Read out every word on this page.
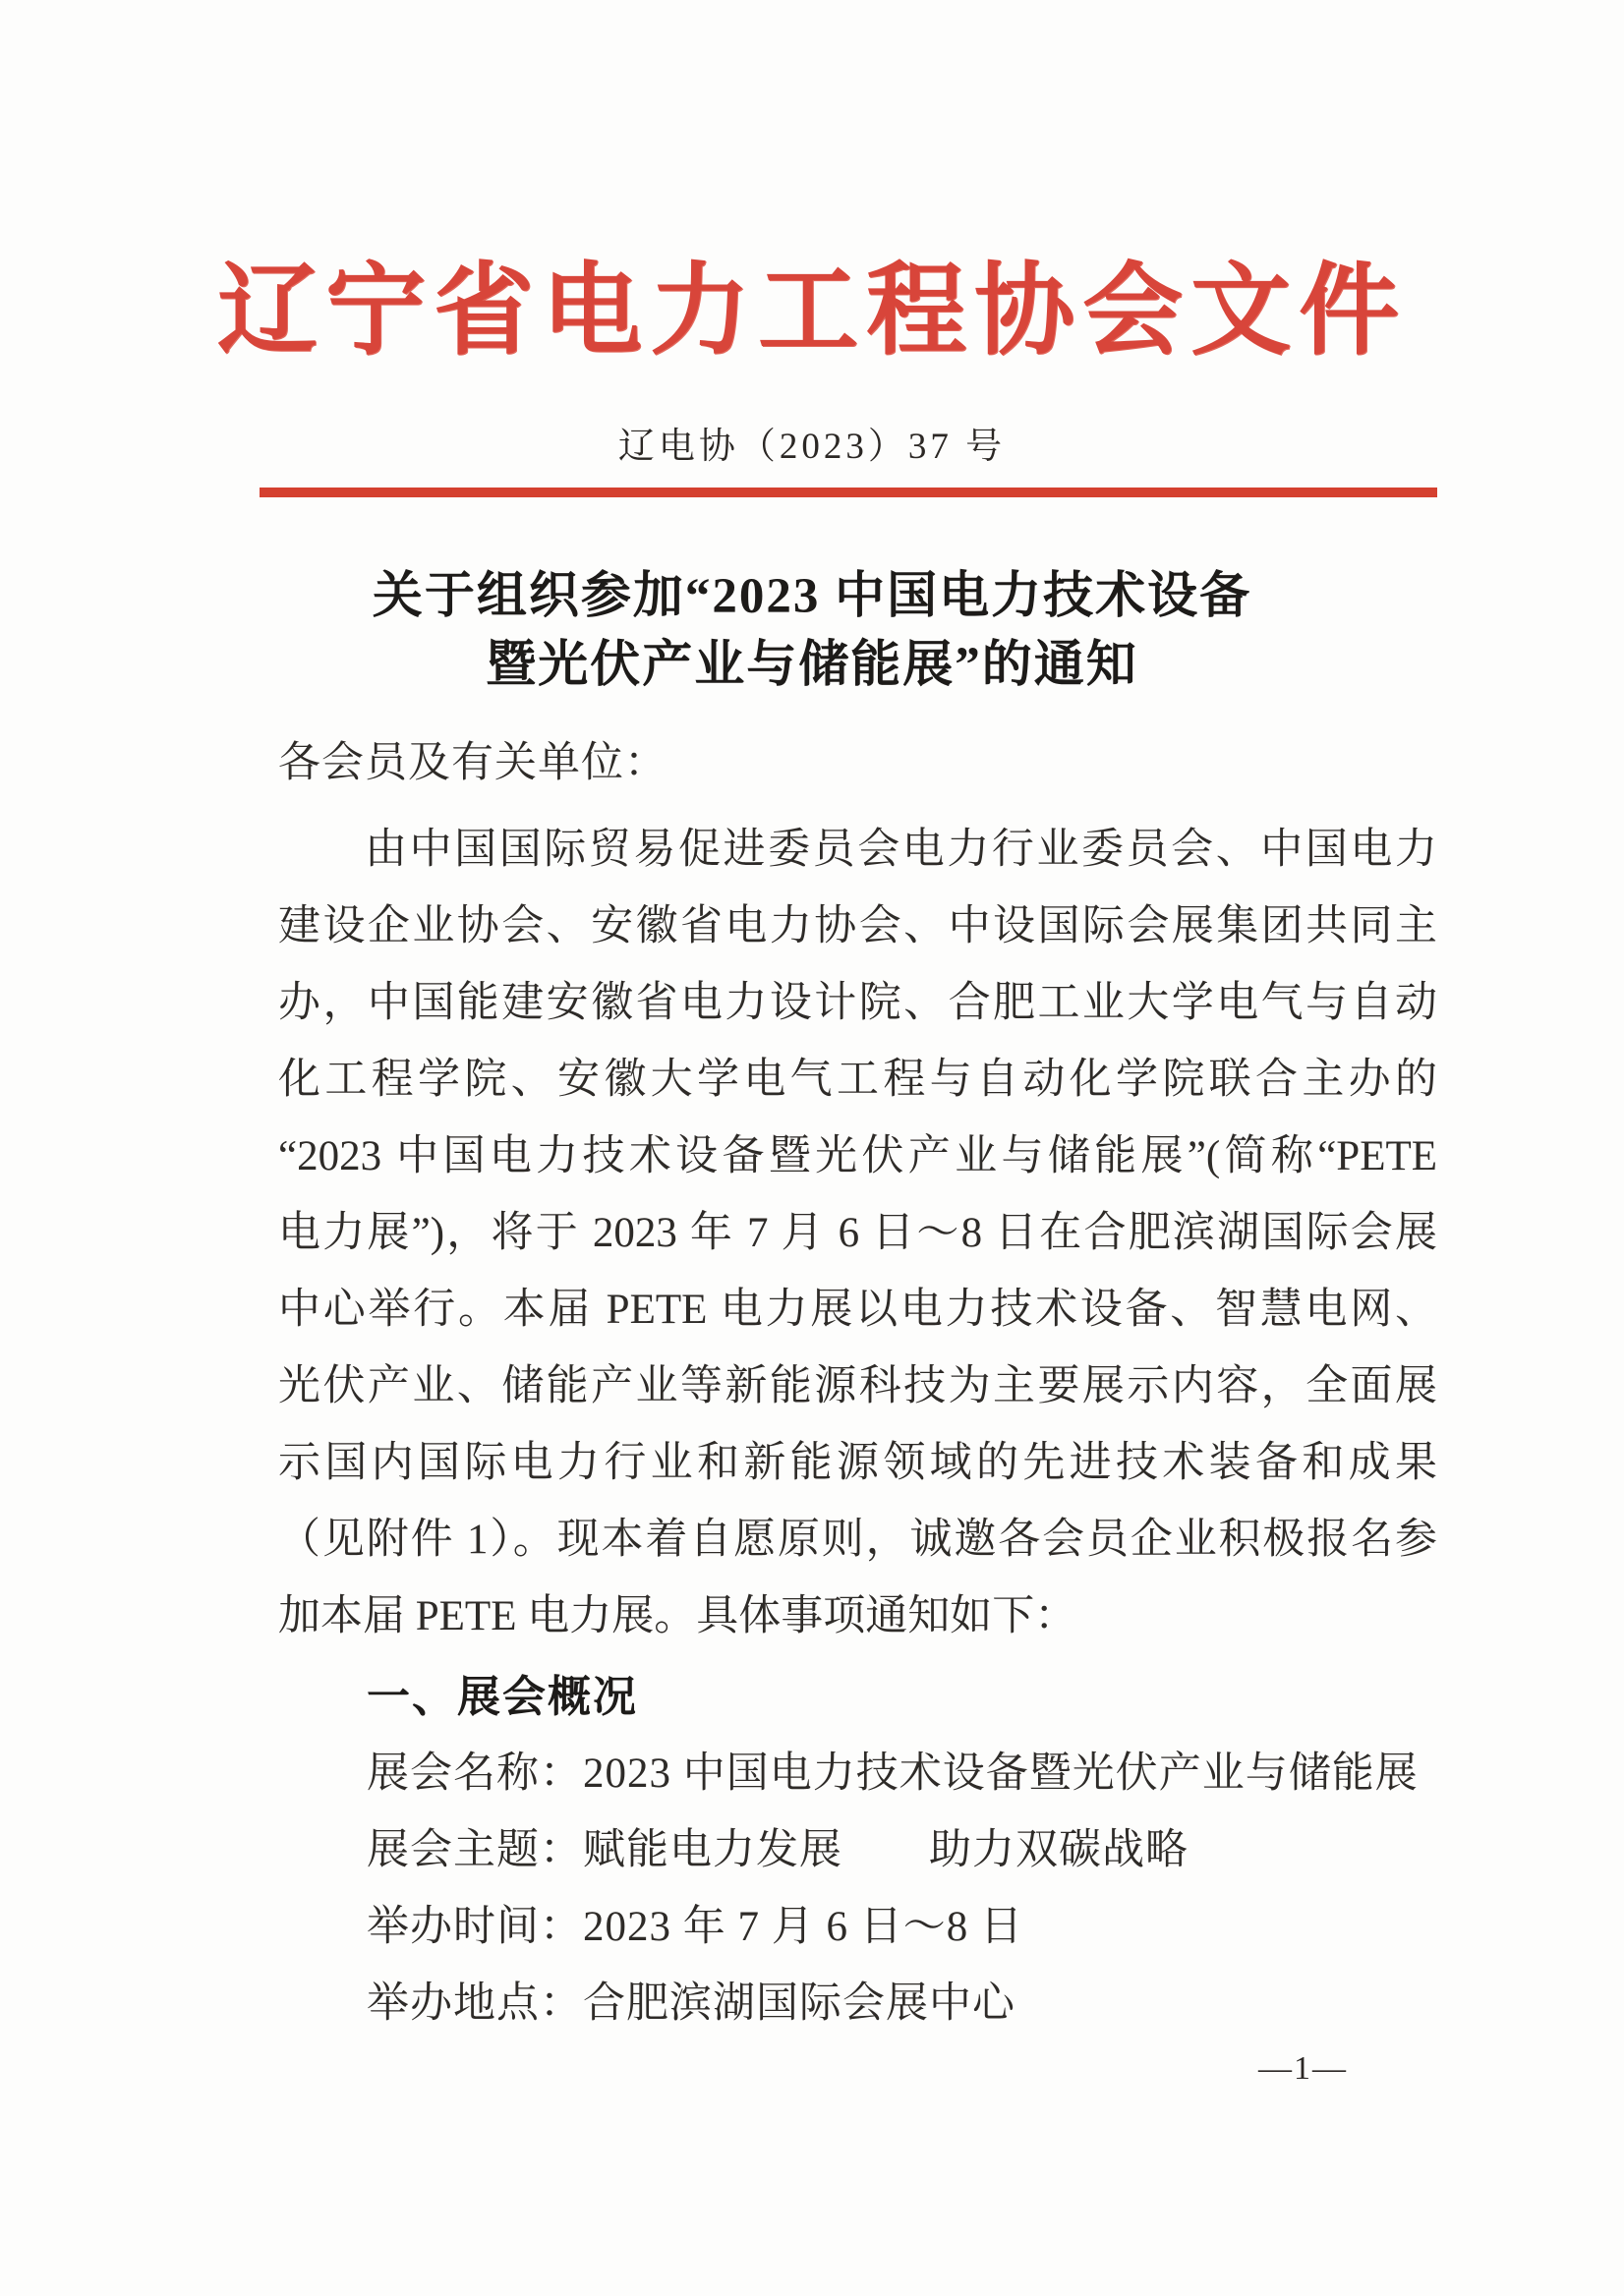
辽宁省电力工程协会文件
辽电协（2023）37 号
关于组织参加“2023 中国电力技术设备
暨光伏产业与储能展”的通知
各会员及有关单位：
由中国国际贸易促进委员会电力行业委员会、中国电力
建设企业协会、安徽省电力协会、中设国际会展集团共同主
办，中国能建安徽省电力设计院、合肥工业大学电气与自动
化工程学院、安徽大学电气工程与自动化学院联合主办的
“2023 中国电力技术设备暨光伏产业与储能展”(简称“PETE
电力展”)，将于 2023 年 7 月 6 日～8 日在合肥滨湖国际会展
中心举行。本届 PETE 电力展以电力技术设备、智慧电网、
光伏产业、储能产业等新能源科技为主要展示内容，全面展
示国内国际电力行业和新能源领域的先进技术装备和成果
（见附件 1）。现本着自愿原则，诚邀各会员企业积极报名参
加本届 PETE 电力展。具体事项通知如下：
一、展会概况
展会名称：2023 中国电力技术设备暨光伏产业与储能展
展会主题：赋能电力发展　　助力双碳战略
举办时间：2023 年 7 月 6 日～8 日
举办地点：合肥滨湖国际会展中心
—1—
